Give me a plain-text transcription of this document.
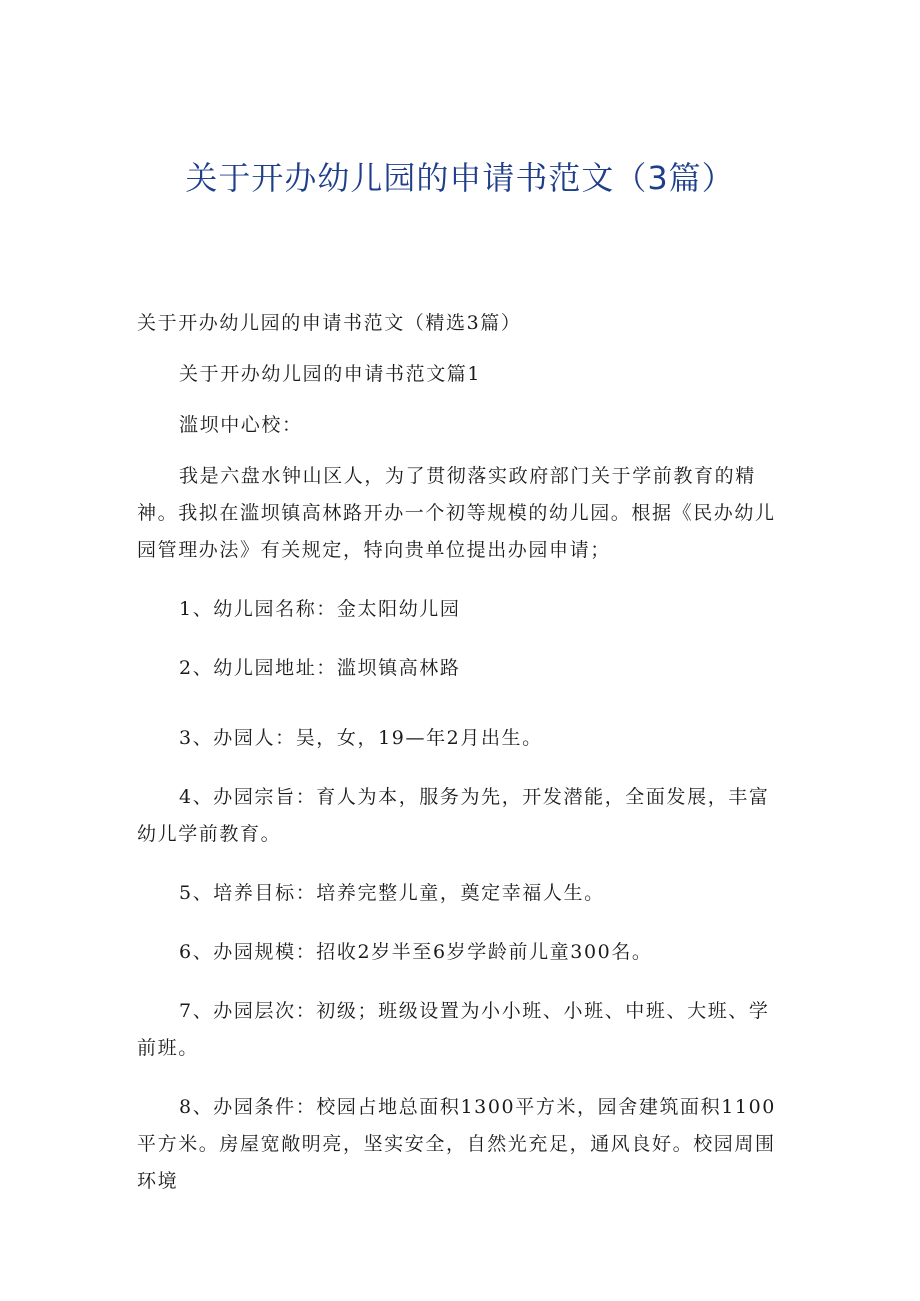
关于开办幼儿园的申请书范文（3篇）

关于开办幼儿园的申请书范文（精选3篇）

关于开办幼儿园的申请书范文篇1

滥坝中心校：

我是六盘水钟山区人，为了贯彻落实政府部门关于学前教育的精神。我拟在滥坝镇高林路开办一个初等规模的幼儿园。根据《民办幼儿园管理办法》有关规定，特向贵单位提出办园申请；

1、幼儿园名称：金太阳幼儿园

2、幼儿园地址：滥坝镇高林路

3、办园人：吴，女，19—年2月出生。

4、办园宗旨：育人为本，服务为先，开发潜能，全面发展，丰富幼儿学前教育。

5、培养目标：培养完整儿童，奠定幸福人生。

6、办园规模：招收2岁半至6岁学龄前儿童300名。

7、办园层次：初级；班级设置为小小班、小班、中班、大班、学前班。

8、办园条件：校园占地总面积1300平方米，园舍建筑面积1100平方米。房屋宽敞明亮，坚实安全，自然光充足，通风良好。校园周围环境
